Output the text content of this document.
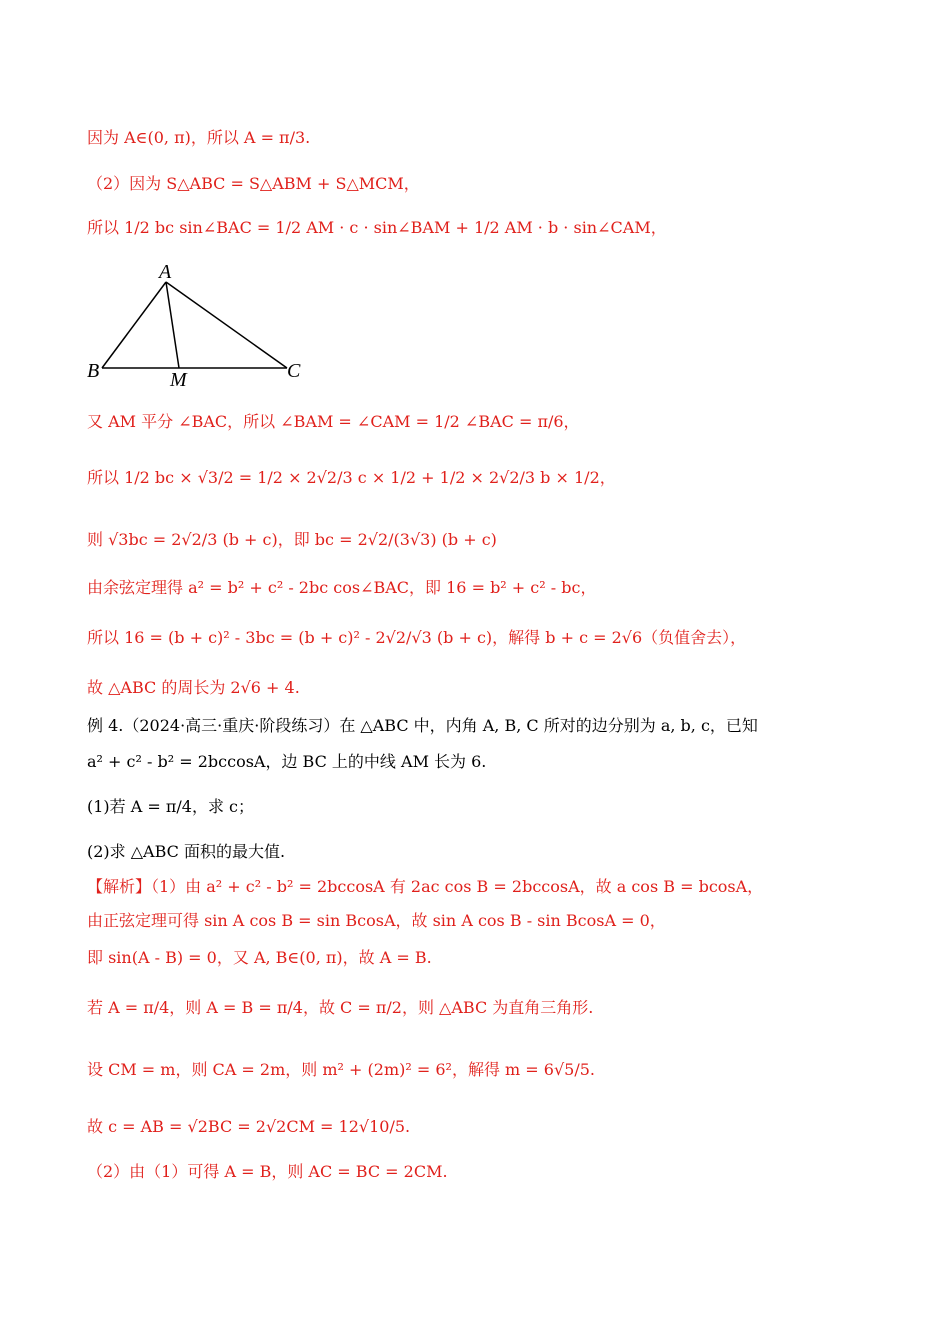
因为 A∈(0, π)，所以 A = π/3.
（2）因为 S△ABC = S△ABM + S△MCM，
所以 1/2 bc sin∠BAC = 1/2 AM · c · sin∠BAM + 1/2 AM · b · sin∠CAM，
又 AM 平分 ∠BAC，所以 ∠BAM = ∠CAM = 1/2 ∠BAC = π/6，
所以 1/2 bc × √3/2 = 1/2 × 2√2/3 c × 1/2 + 1/2 × 2√2/3 b × 1/2，
则 √3bc = 2√2/3 (b + c)，即 bc = 2√2/(3√3) (b + c)
由余弦定理得 a² = b² + c² - 2bc cos∠BAC，即 16 = b² + c² - bc，
所以 16 = (b + c)² - 3bc = (b + c)² - 2√2/√3 (b + c)，解得 b + c = 2√6（负值舍去），
故 △ABC 的周长为 2√6 + 4.
例 4.（2024·高三·重庆·阶段练习）在 △ABC 中，内角 A, B, C 所对的边分别为 a, b, c，已知
a² + c² - b² = 2bccosA，边 BC 上的中线 AM 长为 6.
(1)若 A = π/4，求 c；
(2)求 △ABC 面积的最大值.
【解析】（1）由 a² + c² - b² = 2bccosA 有 2ac cos B = 2bccosA，故 a cos B = bcosA，
由正弦定理可得 sin A cos B = sin BcosA，故 sin A cos B - sin BcosA = 0，
即 sin(A - B) = 0，又 A, B∈(0, π)，故 A = B.
若 A = π/4，则 A = B = π/4，故 C = π/2，则 △ABC 为直角三角形.
设 CM = m，则 CA = 2m，则 m² + (2m)² = 6²，解得 m = 6√5/5.
故 c = AB = √2BC = 2√2CM = 12√10/5.
（2）由（1）可得 A = B，则 AC = BC = 2CM.
A
B	C
M
